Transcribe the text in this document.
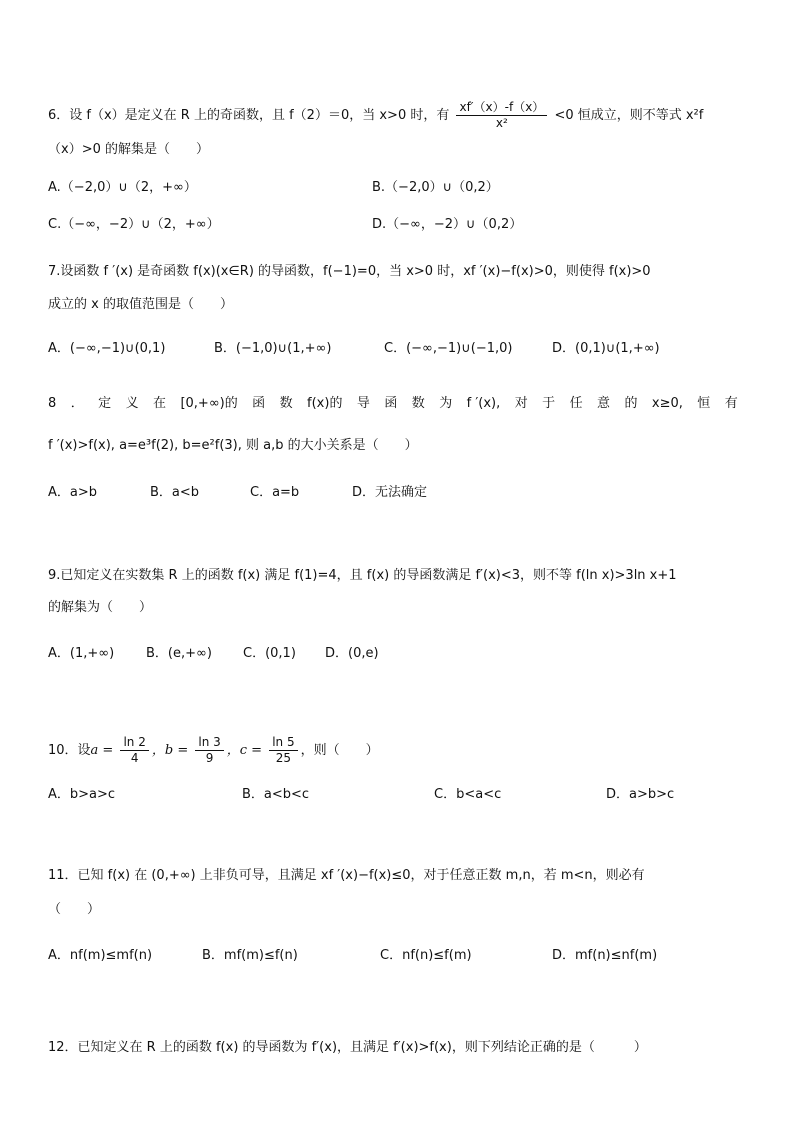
6．设 f（x）是定义在 R 上的奇函数，且 f（2）＝0，当 x>0 时，有 $\frac{xf'(x)-f(x)}{\text{x²}} <0$ 恒成立，则不等式 x²f
（x）>0 的解集是（　　）
A.（−2,0）∪（2，+∞）	B.（−2,0）∪（0,2）
C.（−∞，−2）∪（2，+∞）	D.（−∞，−2）∪（0,2）
7.设函数 f ′(x) 是奇函数 f(x)(x∈R) 的导函数，f(−1)=0，当 x>0 时，xf ′(x)−f(x)>0，则使得 f(x)>0
成立的 x 的取值范围是（　　）
A．(−∞,−1)∪(0,1)	B．(−1,0)∪(1,+∞)	C．(−∞,−1)∪(−1,0)	D．(0,1)∪(1,+∞)
8 ． 定 义 在 [0,+∞)的 函 数 f(x)的 导 函 数 为 f ′(x), 对 于 任 意 的 x≥0, 恒 有
f ′(x)>f(x), a=e³f(2), b=e²f(3), 则 a,b 的大小关系是（　　）
A．a>b	B．a<b	C．a=b	D．无法确定
9.已知定义在实数集 R 上的函数 f(x) 满足 f(1)=4，且 f(x) 的导函数满足 f′(x)<3，则不等 f(ln x)>3ln x+1
的解集为（　　）
A．(1,+∞) B．(e,+∞) C．(0,1) D．(0,e)
10．设$a = \frac{\ln 2}{4}$ ，$b = \frac{\ln 3}{9}$ ，$c = \frac{\ln 5}{25}$ ，则（　　）
A．b>a>c	B．a<b<c	C．b<a<c	D．a>b>c
11．已知 f(x) 在 (0,+∞) 上非负可导，且满足 xf ′(x)−f(x)≤0，对于任意正数 m,n，若 m<n，则必有
（　　）
A．nf(m)≤mf(n)	B．mf(m)≤f(n)	C．nf(n)≤f(m)	D．mf(n)≤nf(m)
12．已知定义在 R 上的函数 f(x) 的导函数为 f′(x)，且满足 f′(x)>f(x)，则下列结论正确的是（　　　）
